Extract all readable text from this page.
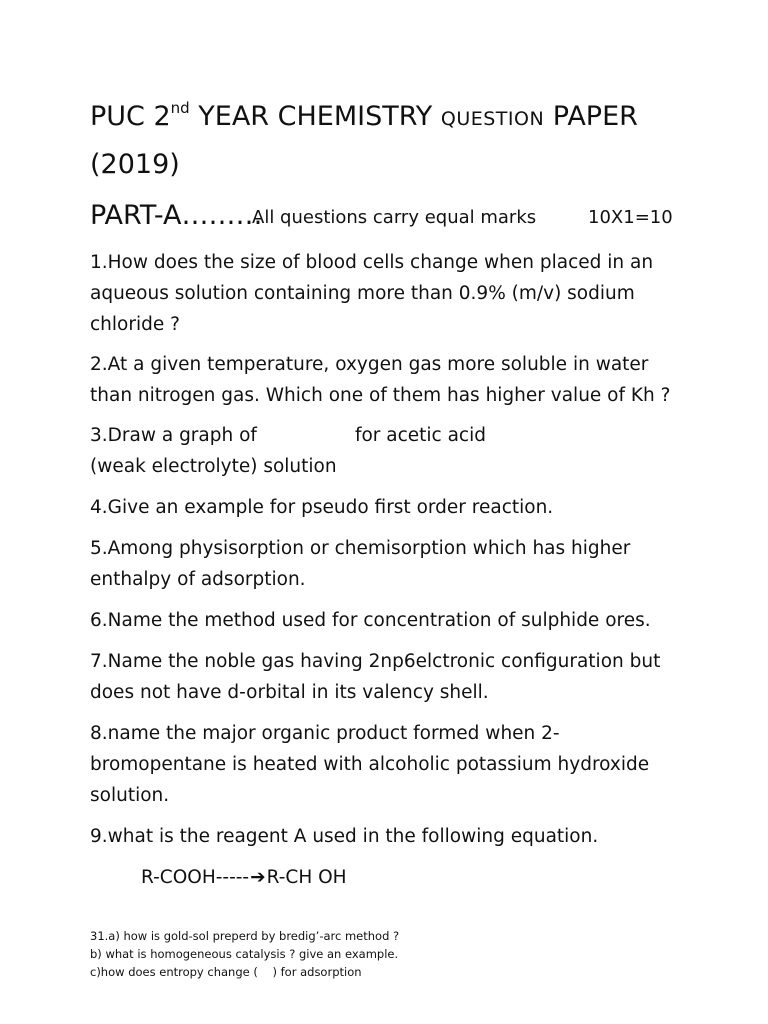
PUC 2nd YEAR CHEMISTRY QUESTION PAPER
(2019)
PART-A………
All questions carry equal marks	10X1=10

1.How does the size of blood cells change when placed in an aqueous solution containing more than 0.9% (m/v) sodium chloride ?

2.At a given temperature, oxygen gas more soluble in water than nitrogen gas. Which one of them has higher value of Kh ?

3.Draw a graph of	for acetic acid
(weak electrolyte) solution

4.Give an example for pseudo first order reaction.

5.Among physisorption or chemisorption which has higher enthalpy of adsorption.

6.Name the method used for concentration of sulphide ores.

7.Name the noble gas having 2np6elctronic configuration but does not have d-orbital in its valency shell.

8.name the major organic product formed when 2-bromopentane is heated with alcoholic potassium hydroxide solution.

9.what is the reagent A used in the following equation.

R-COOH-----➔R-CH OH
31.a) how is gold-sol preperd by bredig’-arc method ?
b) what is homogeneous catalysis ? give an example.
c)how does entropy change (    ) for adsorption
